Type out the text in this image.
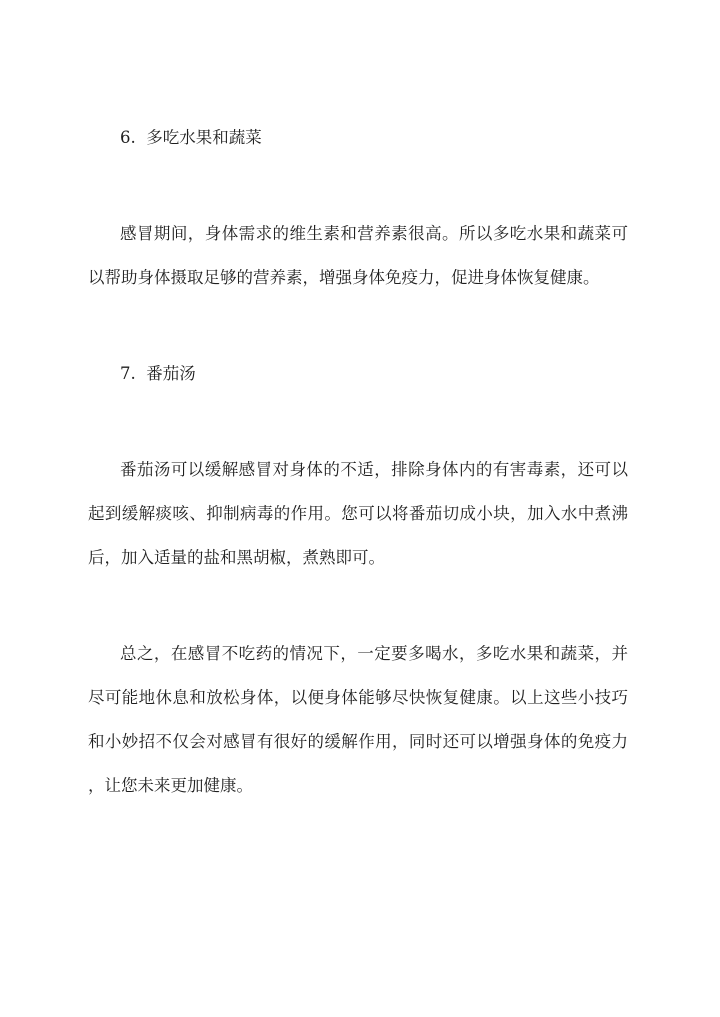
6.  多吃水果和蔬菜
感冒期间，身体需求的维生素和营养素很高。所以多吃水果和蔬菜可
以帮助身体摄取足够的营养素，增强身体免疫力，促进身体恢复健康。
7.  番茄汤
番茄汤可以缓解感冒对身体的不适，排除身体内的有害毒素，还可以
起到缓解痰咳、抑制病毒的作用。您可以将番茄切成小块，加入水中煮沸
后，加入适量的盐和黑胡椒，煮熟即可。
总之，在感冒不吃药的情况下，一定要多喝水，多吃水果和蔬菜，并
尽可能地休息和放松身体，以便身体能够尽快恢复健康。以上这些小技巧
和小妙招不仅会对感冒有很好的缓解作用，同时还可以增强身体的免疫力
，让您未来更加健康。
